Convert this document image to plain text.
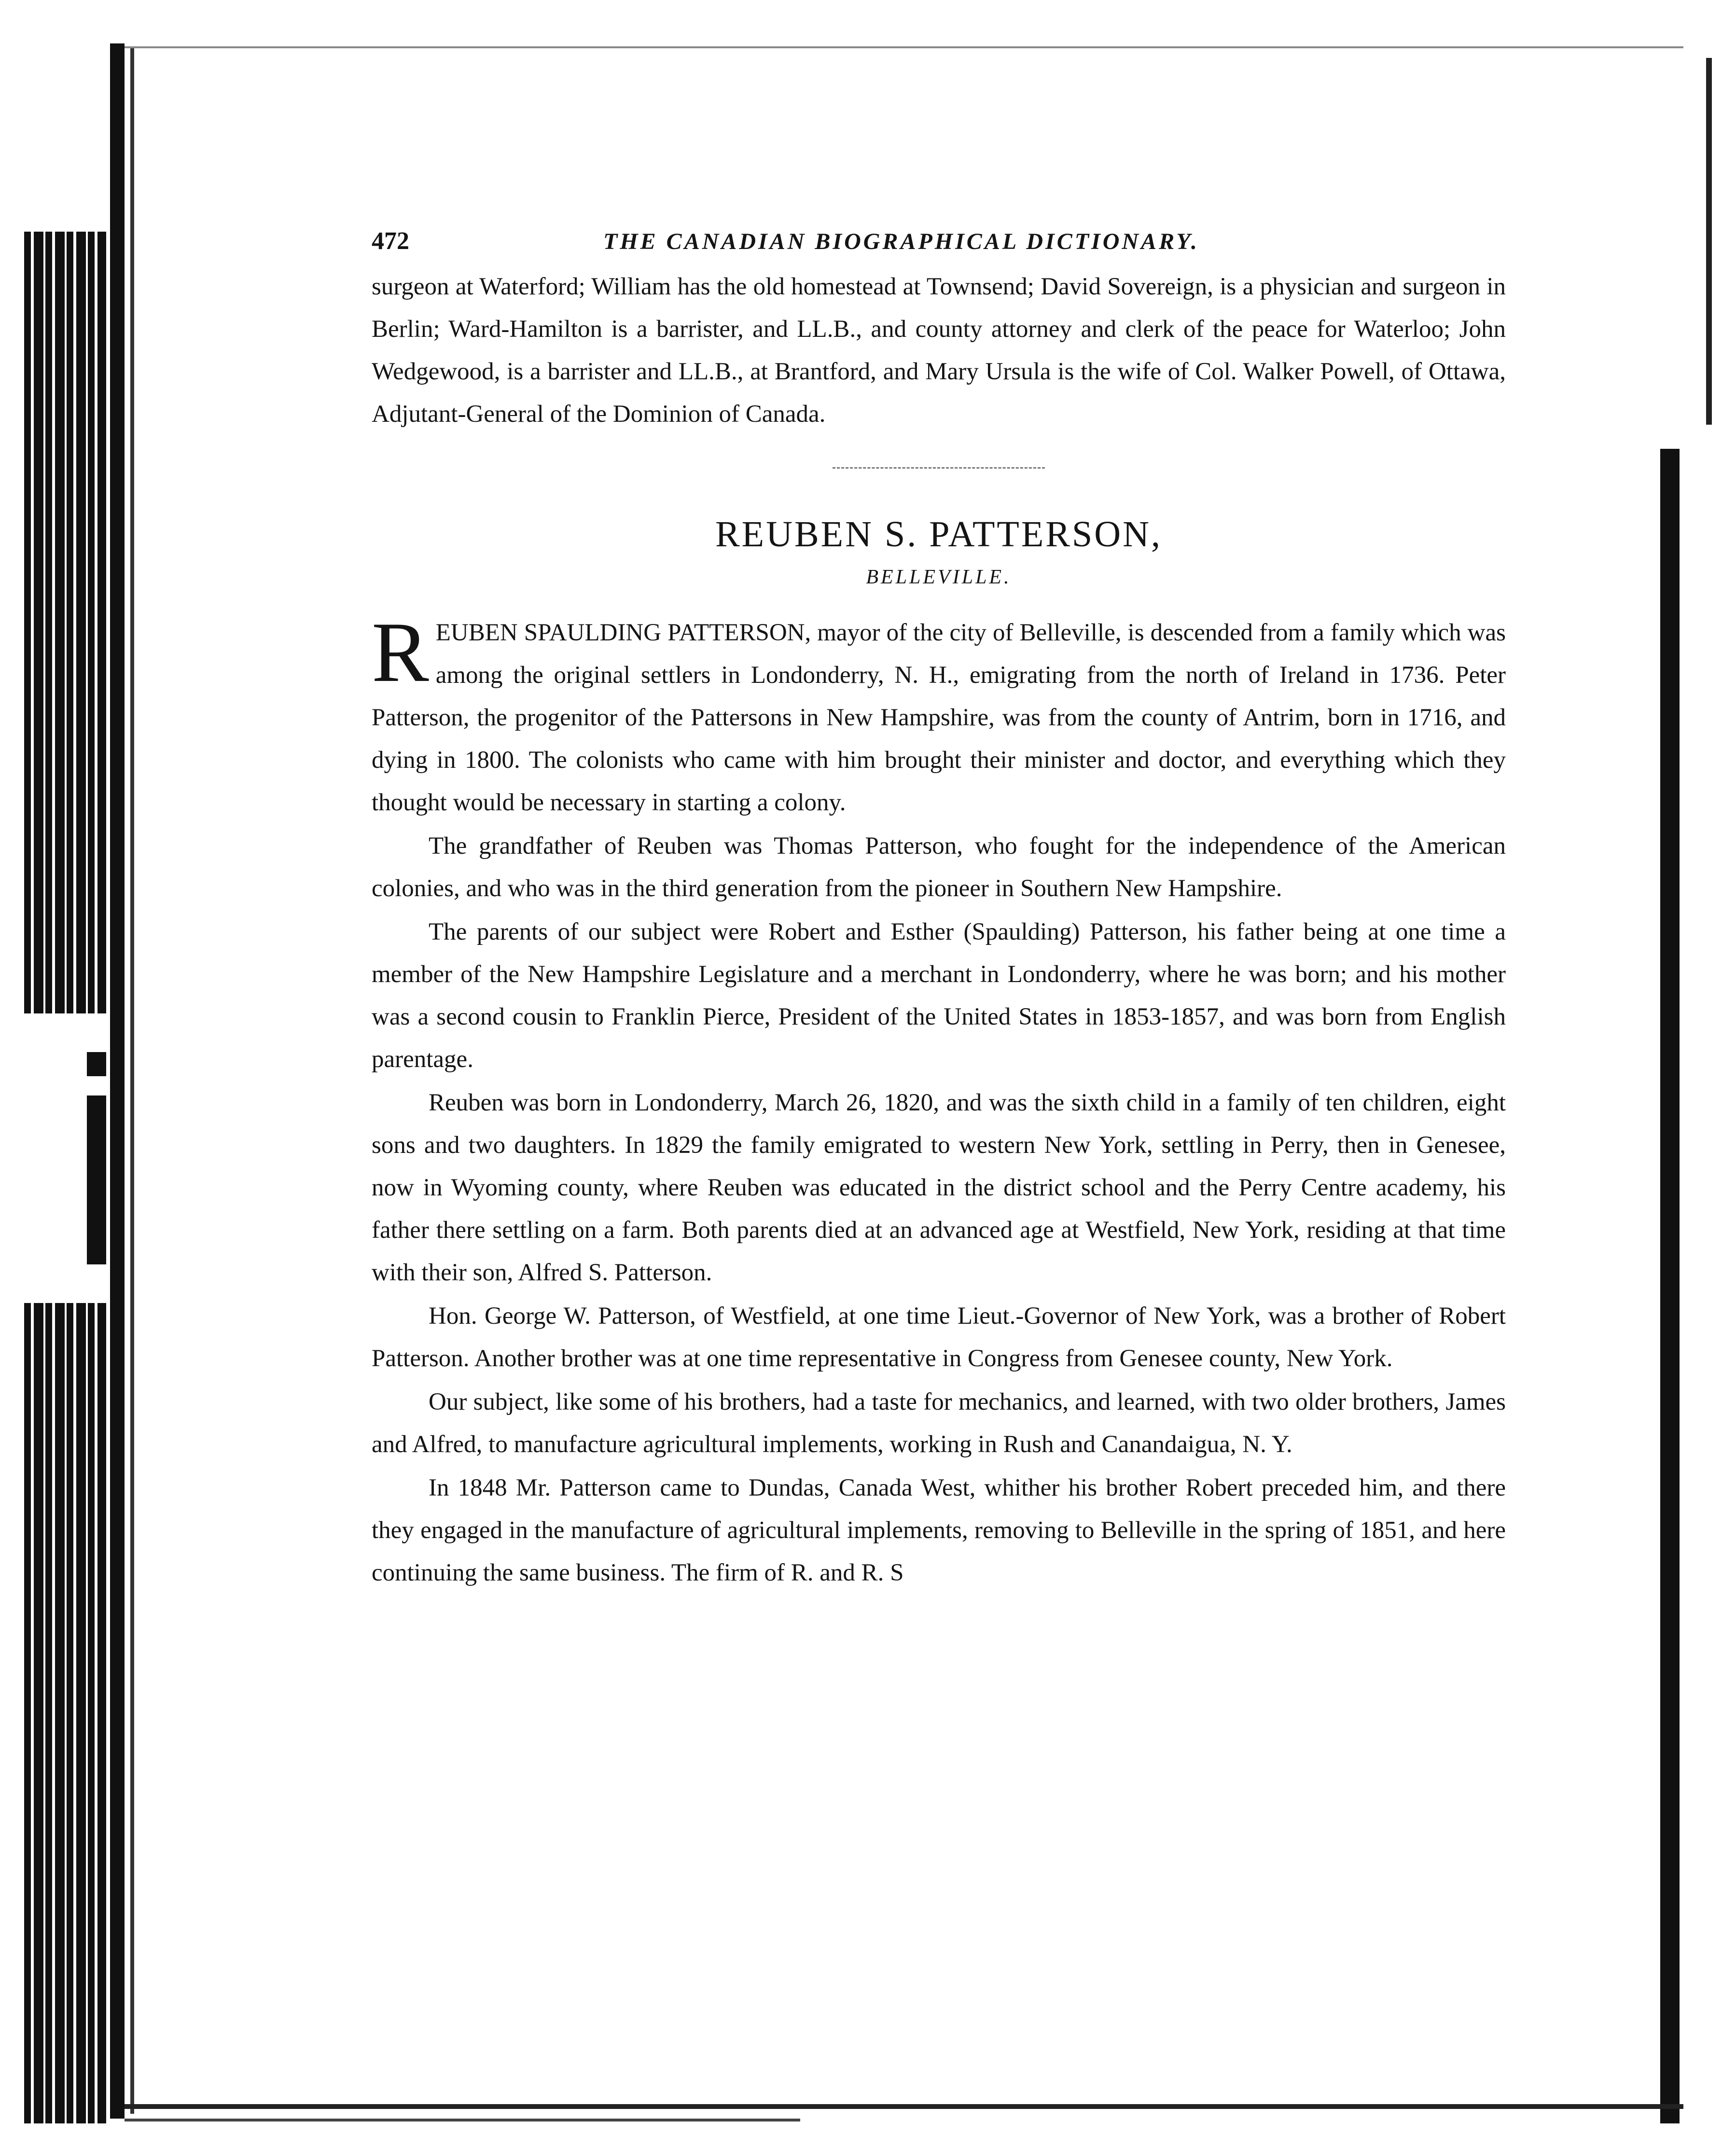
472	THE CANADIAN BIOGRAPHICAL DICTIONARY.

surgeon at Waterford; William has the old homestead at Townsend; David Sovereign, is a physician and surgeon in Berlin; Ward-Hamilton is a barrister, and LL.B., and county attorney and clerk of the peace for Waterloo; John Wedgewood, is a barrister and LL.B., at Brantford, and Mary Ursula is the wife of Col. Walker Powell, of Ottawa, Adjutant-General of the Dominion of Canada.

REUBEN S. PATTERSON,
BELLEVILLE.

REUBEN SPAULDING PATTERSON, mayor of the city of Belleville, is descended from a family which was among the original settlers in Londonderry, N. H., emigrating from the north of Ireland in 1736. Peter Patterson, the progenitor of the Pattersons in New Hampshire, was from the county of Antrim, born in 1716, and dying in 1800. The colonists who came with him brought their minister and doctor, and everything which they thought would be necessary in starting a colony.

The grandfather of Reuben was Thomas Patterson, who fought for the independence of the American colonies, and who was in the third generation from the pioneer in Southern New Hampshire.

The parents of our subject were Robert and Esther (Spaulding) Patterson, his father being at one time a member of the New Hampshire Legislature and a merchant in Londonderry, where he was born; and his mother was a second cousin to Franklin Pierce, President of the United States in 1853-1857, and was born from English parentage.

Reuben was born in Londonderry, March 26, 1820, and was the sixth child in a family of ten children, eight sons and two daughters. In 1829 the family emigrated to western New York, settling in Perry, then in Genesee, now in Wyoming county, where Reuben was educated in the district school and the Perry Centre academy, his father there settling on a farm. Both parents died at an advanced age at Westfield, New York, residing at that time with their son, Alfred S. Patterson.

Hon. George W. Patterson, of Westfield, at one time Lieut.-Governor of New York, was a brother of Robert Patterson. Another brother was at one time representative in Congress from Genesee county, New York.

Our subject, like some of his brothers, had a taste for mechanics, and learned, with two older brothers, James and Alfred, to manufacture agricultural implements, working in Rush and Canandaigua, N. Y.

In 1848 Mr. Patterson came to Dundas, Canada West, whither his brother Robert preceded him, and there they engaged in the manufacture of agricultural implements, removing to Belleville in the spring of 1851, and here continuing the same business. The firm of R. and R. S
